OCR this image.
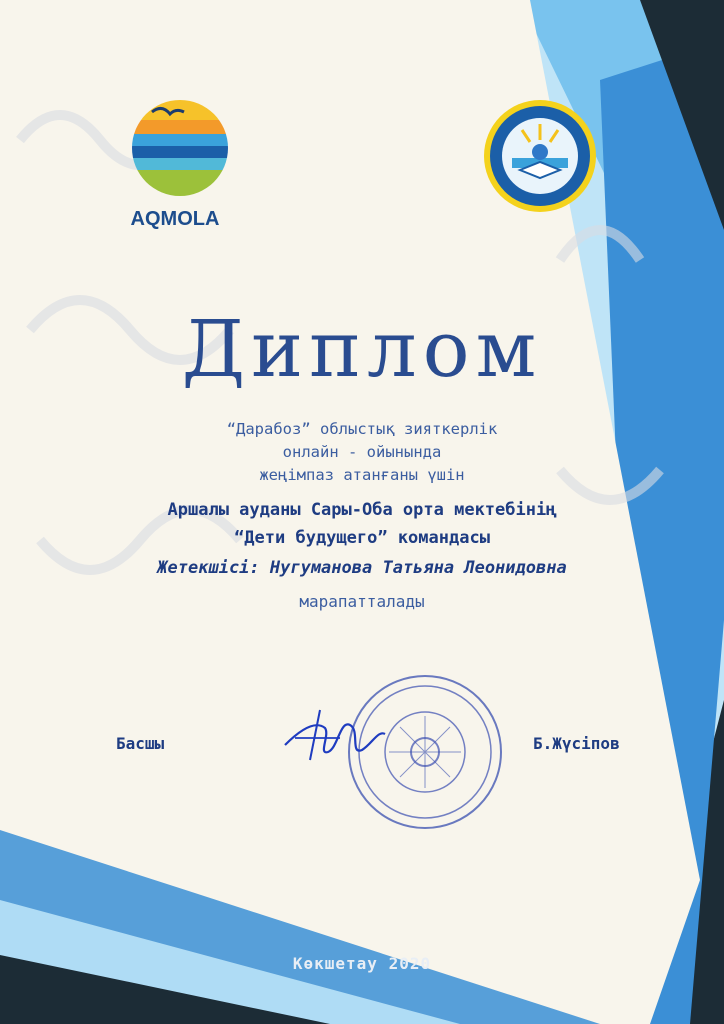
AQMOLA
Диплом
“Дарабоз” облыстық зияткерлік
онлайн - ойынында
жеңімпаз атанғаны үшін
Аршалы ауданы Сары-Оба орта мектебінің
“Дети будущего” командасы
Жетекшісі: Нугуманова Татьяна Леонидовна
марапатталады
Басшы	Б.Жүсіпов
Көкшетау 2020
